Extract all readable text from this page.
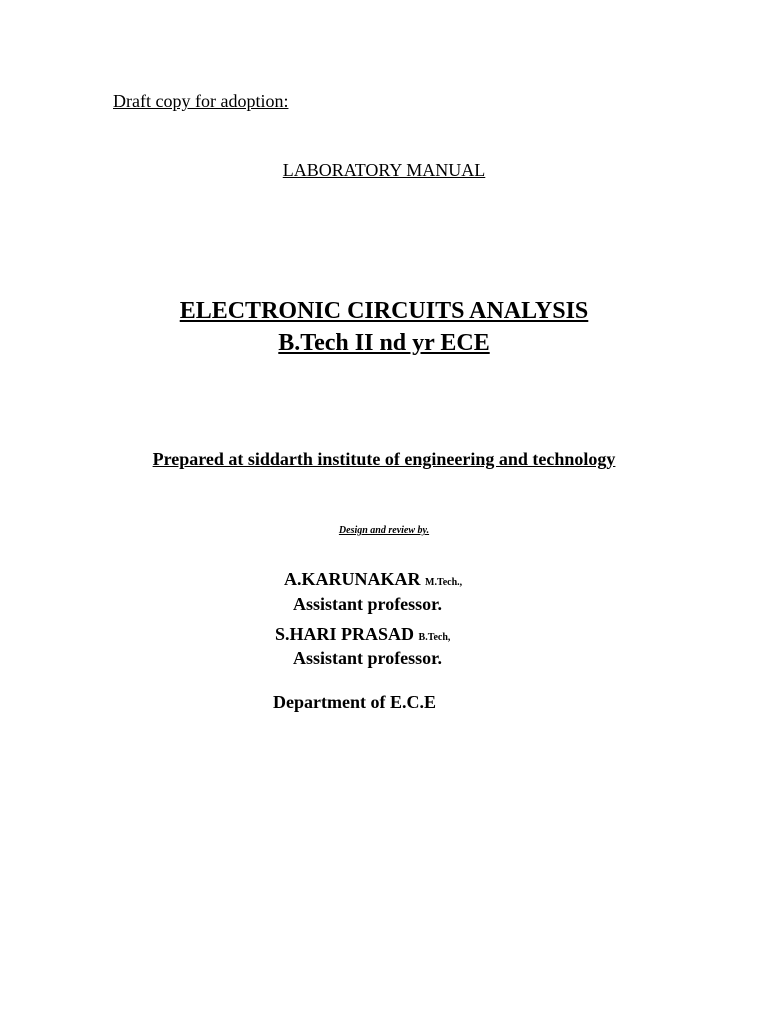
Draft copy for adoption:
LABORATORY MANUAL
ELECTRONIC CIRCUITS ANALYSIS
B.Tech II nd yr ECE
Prepared at siddarth institute of engineering and technology
Design and review by.
A.KARUNAKAR M.Tech.,
Assistant professor.
S.HARI PRASAD B.Tech,
Assistant professor.
Department of E.C.E
